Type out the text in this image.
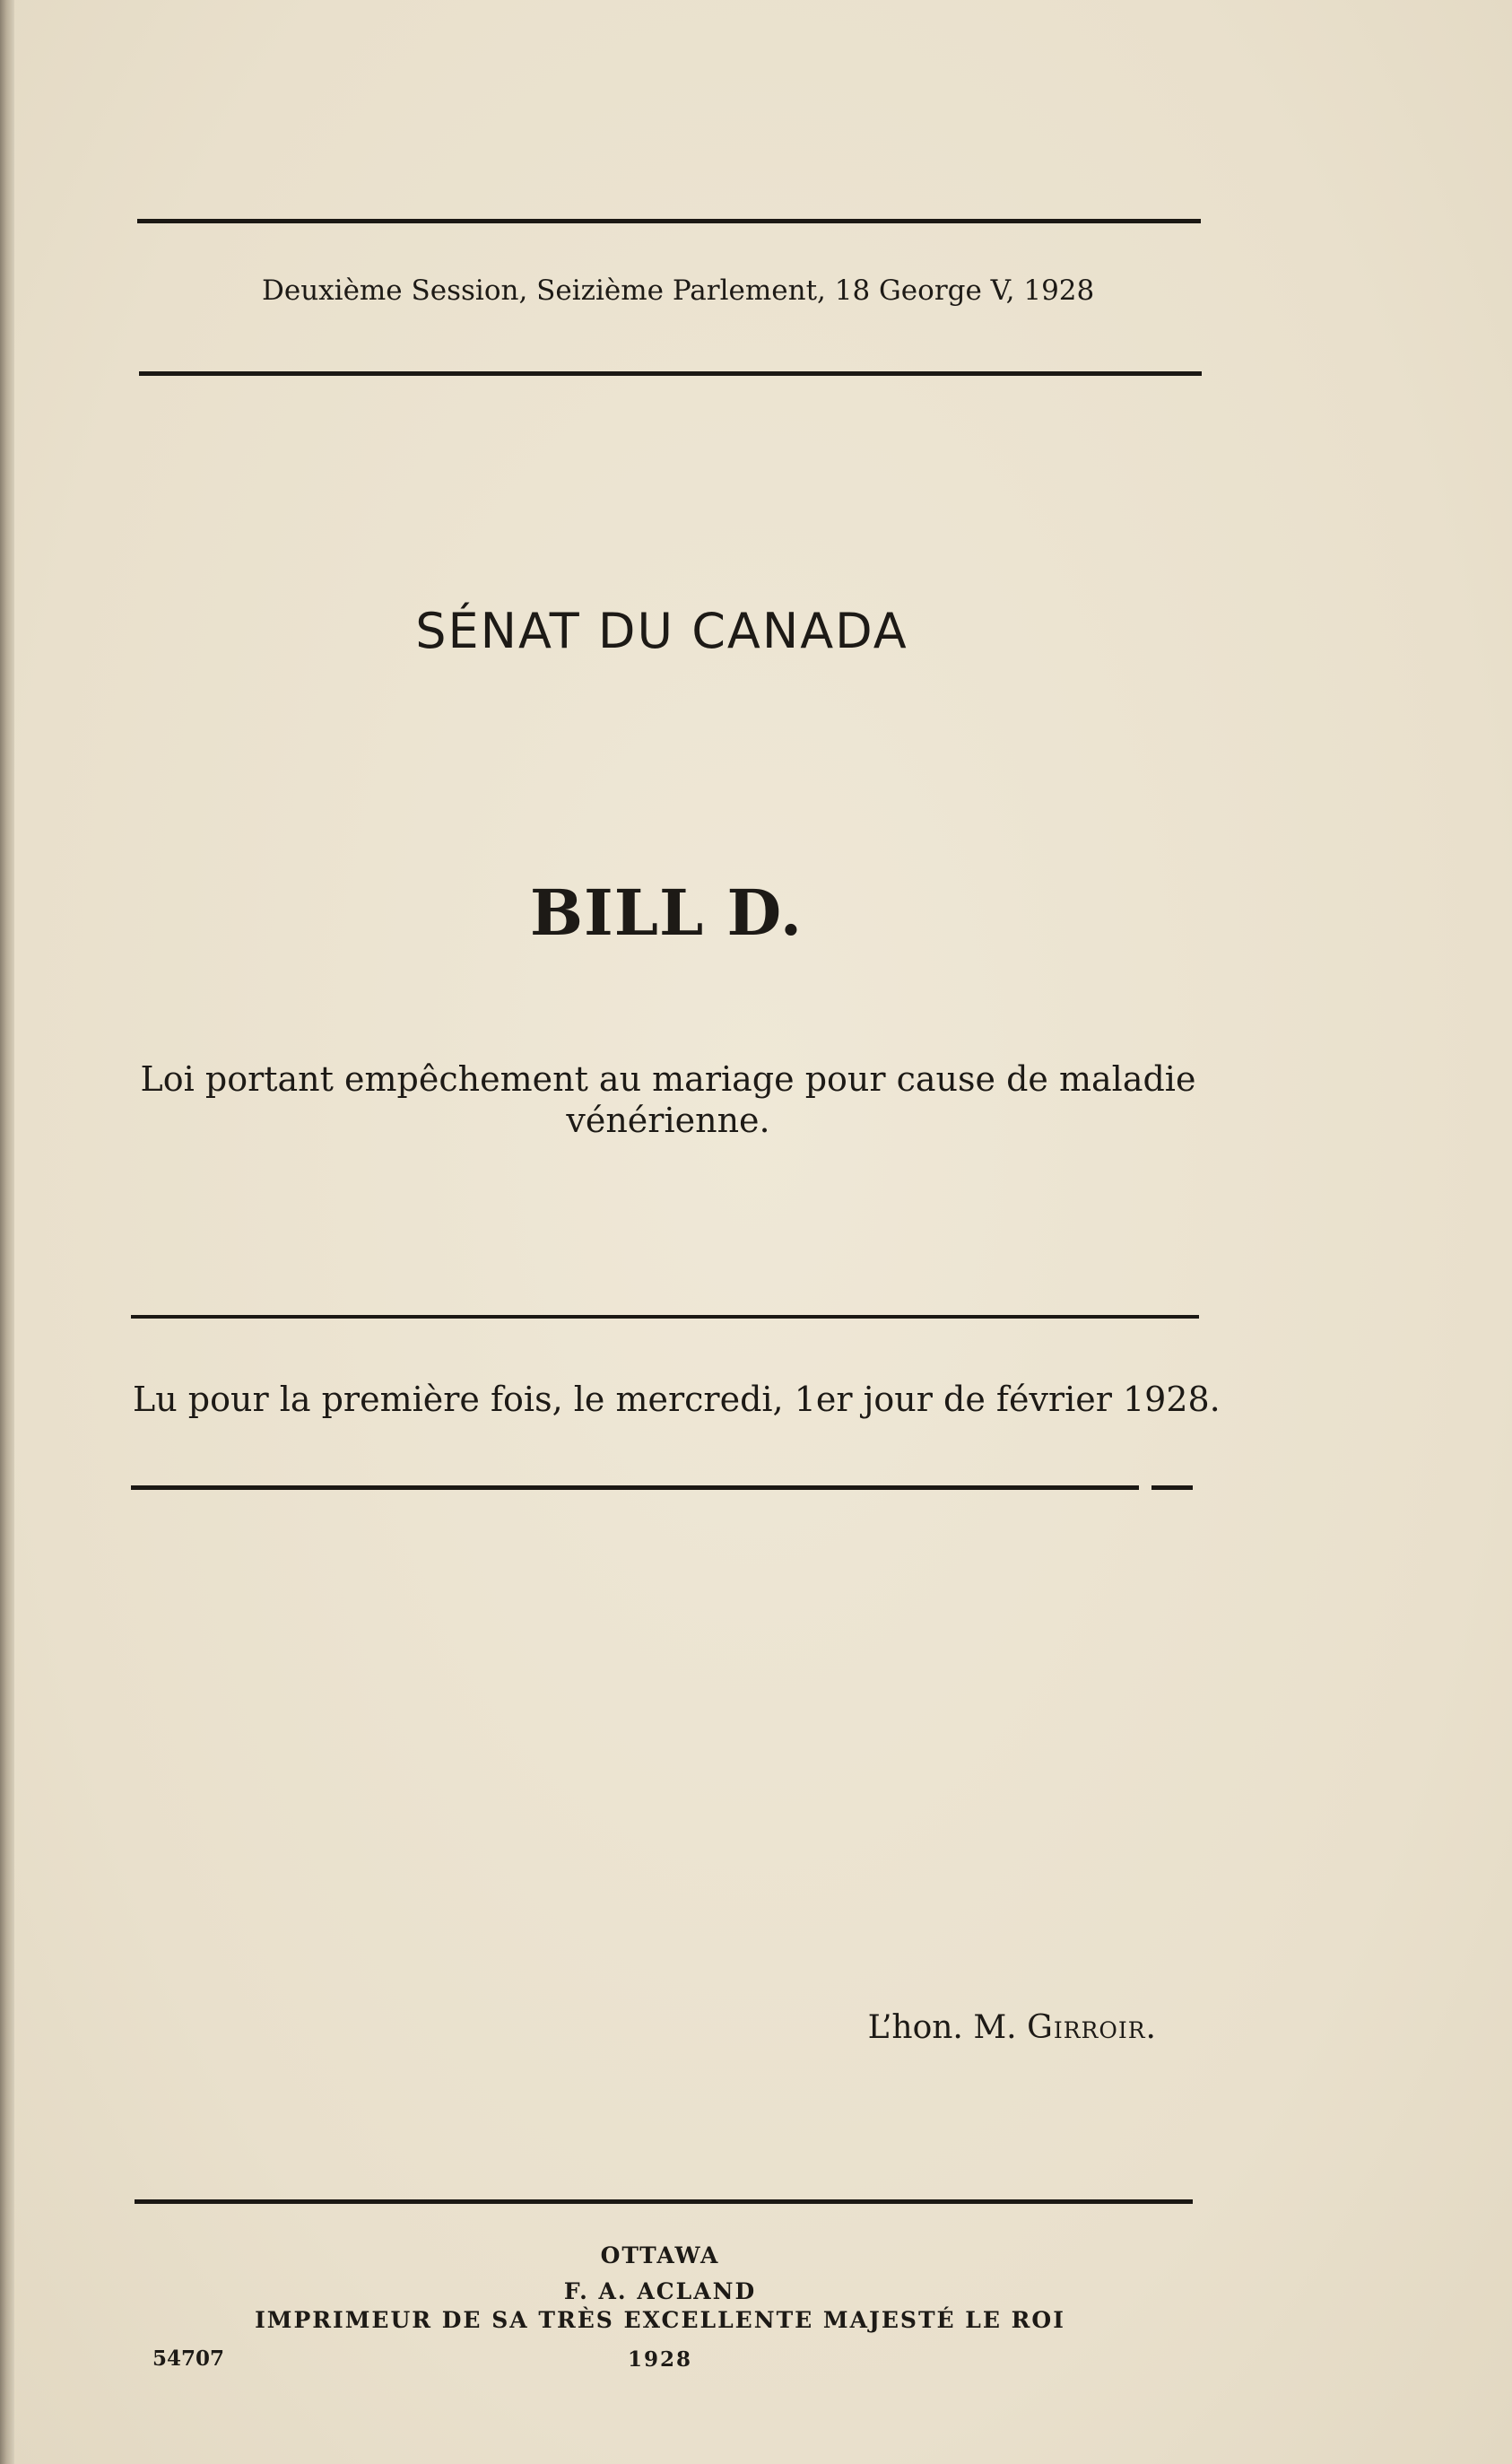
Deuxième Session, Seizième Parlement, 18 George V, 1928
SÉNAT DU CANADA
BILL D.
Loi portant empêchement au mariage pour cause de maladie
vénérienne.
Lu pour la première fois, le mercredi, 1er jour de février 1928.
L’hon. M. Girroir.
OTTAWA
F. A. ACLAND
IMPRIMEUR DE SA TRÈS EXCELLENTE MAJESTÉ LE ROI
1928
54707
